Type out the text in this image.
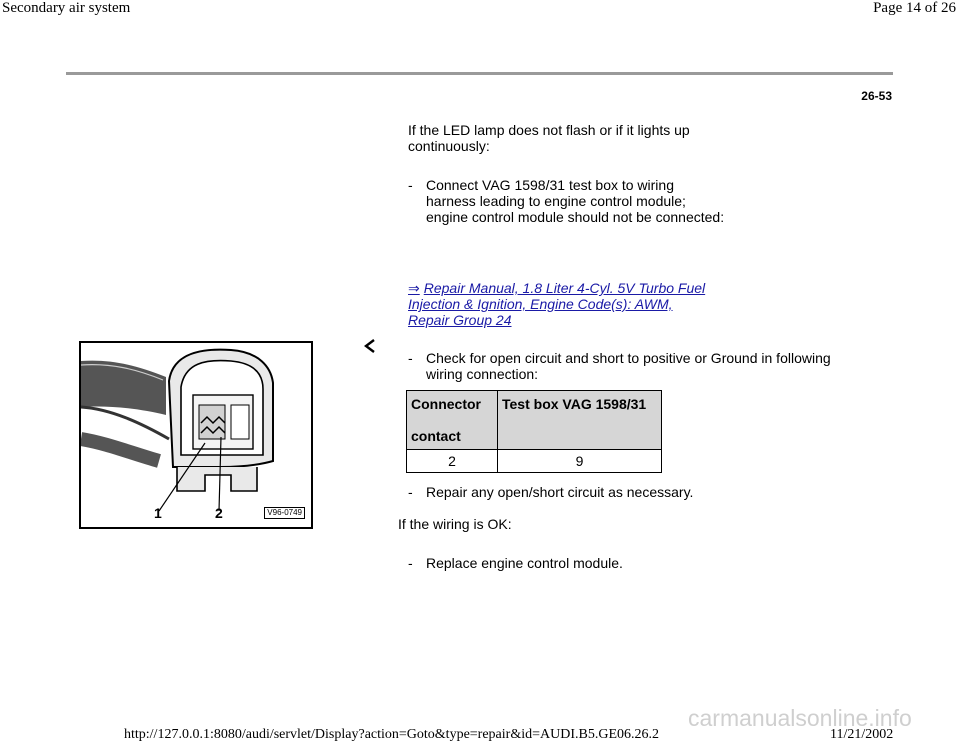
Secondary air system	Page 14 of 26
26-53
If the LED lamp does not flash or if it lights up
continuously:
- Connect VAG 1598/31 test box to wiring
harness leading to engine control module;
engine control module should not be connected:
⇒ Repair Manual, 1.8 Liter 4-Cyl. 5V Turbo Fuel
Injection & Ignition, Engine Code(s): AWM,
Repair Group 24
1	2	V96-0749
- Check for open circuit and short to positive or Ground in following
wiring connection:
Connector
contact	Test box VAG 1598/31
2	9
- Repair any open/short circuit as necessary.
If the wiring is OK:
- Replace engine control module.
carmanualsonline.info
http://127.0.0.1:8080/audi/servlet/Display?action=Goto&type=repair&id=AUDI.B5.GE06.26.2	11/21/2002
